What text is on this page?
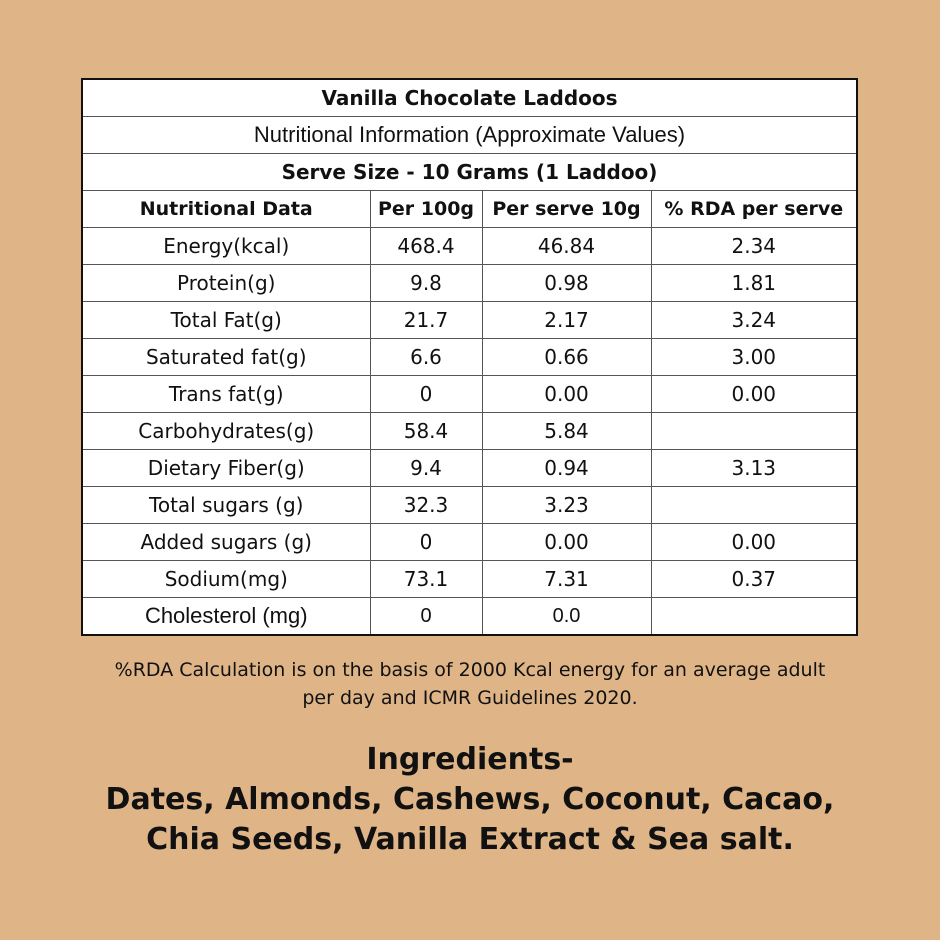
Vanilla Chocolate Laddoos			
Nutritional Information (Approximate Values)			
Serve Size - 10 Grams (1 Laddoo)			
Nutritional Data	Per 100g	Per serve 10g	% RDA per serve
Energy(kcal)	468.4	46.84	2.34
Protein(g)	9.8	0.98	1.81
Total Fat(g)	21.7	2.17	3.24
Saturated fat(g)	6.6	0.66	3.00
Trans fat(g)	0	0.00	0.00
Carbohydrates(g)	58.4	5.84	
Dietary Fiber(g)	9.4	0.94	3.13
Total sugars (g)	32.3	3.23	
Added sugars (g)	0	0.00	0.00
Sodium(mg)	73.1	7.31	0.37
Cholesterol (mg)	0	0.0	
%RDA Calculation is on the basis of 2000 Kcal energy for an average adult
per day and ICMR Guidelines 2020.
Ingredients-
Dates, Almonds, Cashews, Coconut, Cacao,
Chia Seeds, Vanilla Extract & Sea salt.
